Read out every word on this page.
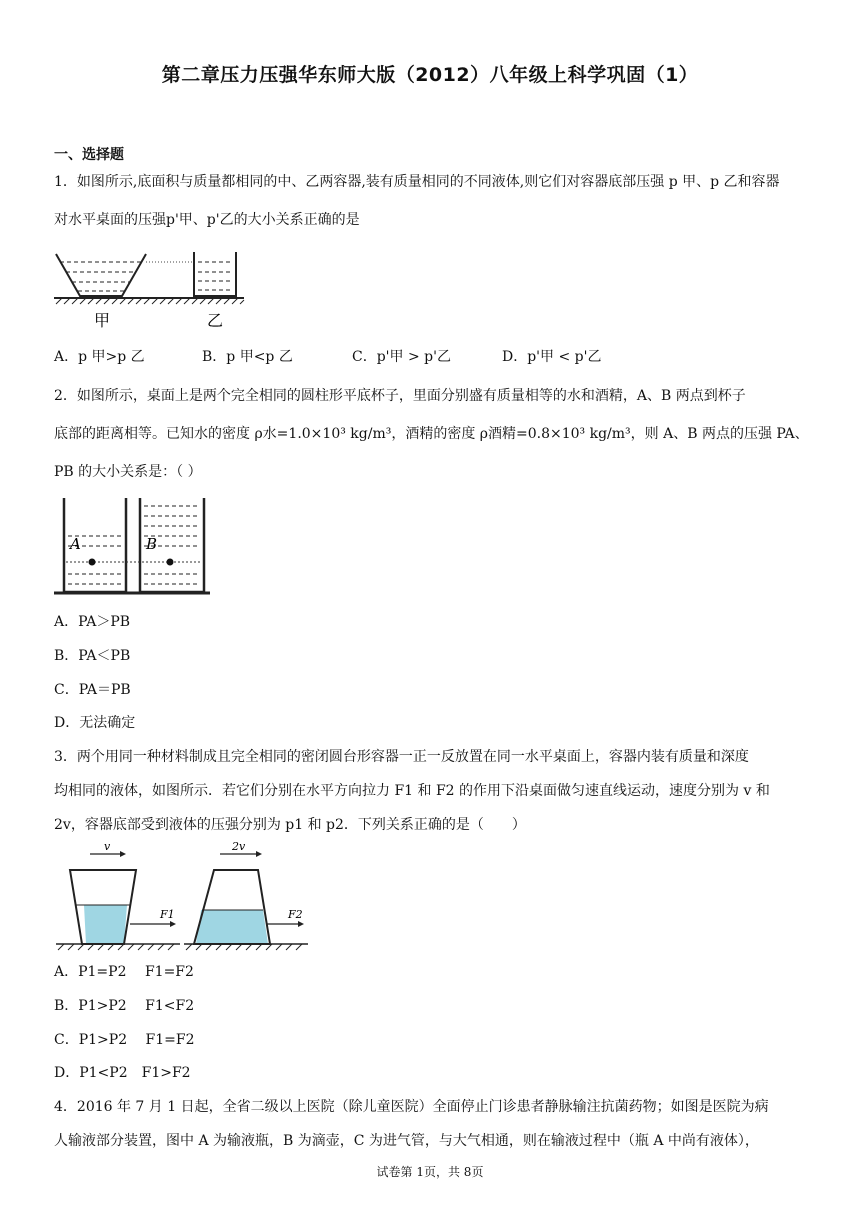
第二章压力压强华东师大版（2012）八年级上科学巩固（1）
一、选择题
1．如图所示,底面积与质量都相同的中、乙两容器,装有质量相同的不同液体,则它们对容器底部压强 p 甲、p 乙和容器
对水平桌面的压强p'甲、p'乙的大小关系正确的是
甲	乙
A．p 甲>p 乙	B．p 甲<p 乙	C．p'甲 > p'乙	D．p'甲 < p'乙
2．如图所示，桌面上是两个完全相同的圆柱形平底杯子，里面分别盛有质量相等的水和酒精，A、B 两点到杯子
底部的距离相等。已知水的密度 ρ水=1.0×10³ kg/m³，酒精的密度 ρ酒精=0.8×10³ kg/m³，则 A、B 两点的压强 PA、
PB 的大小关系是：（ ）
A	B
A．PA＞PB
B．PA＜PB
C．PA＝PB
D．无法确定
3．两个用同一种材料制成且完全相同的密闭圆台形容器一正一反放置在同一水平桌面上，容器内装有质量和深度
均相同的液体，如图所示．若它们分别在水平方向拉力 F1 和 F2 的作用下沿桌面做匀速直线运动，速度分别为 v 和
2v，容器底部受到液体的压强分别为 p1 和 p2．下列关系正确的是（　　）
v
F1
2v
F2
A．P1=P2　 F1=F2
B．P1>P2　 F1<F2
C．P1>P2　 F1=F2
D．P1<P2　F1>F2
4．2016 年 7 月 1 日起，全省二级以上医院（除儿童医院）全面停止门诊患者静脉输注抗菌药物；如图是医院为病
人输液部分装置，图中 A 为输液瓶，B 为滴壶，C 为进气管，与大气相通，则在输液过程中（瓶 A 中尚有液体），
试卷第 1页，共 8页
